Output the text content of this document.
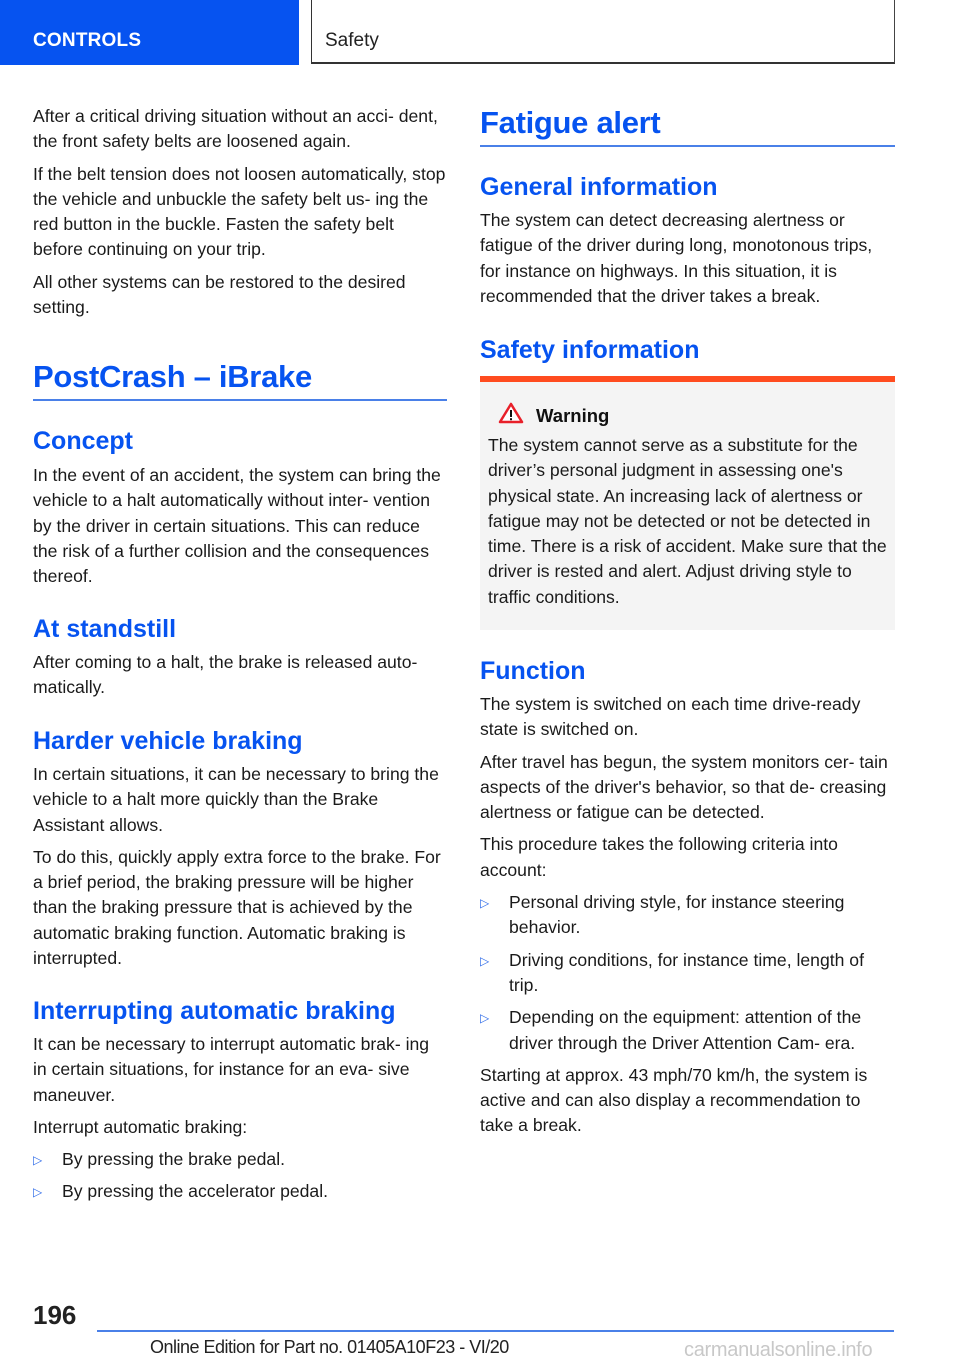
CONTROLS	Safety

After a critical driving situation without an acci- dent, the front safety belts are loosened again.

If the belt tension does not loosen automatically, stop the vehicle and unbuckle the safety belt us- ing the red button in the buckle. Fasten the safety belt before continuing on your trip.

All other systems can be restored to the desired setting.

PostCrash – iBrake
Concept

In the event of an accident, the system can bring the vehicle to a halt automatically without inter- vention by the driver in certain situations. This can reduce the risk of a further collision and the consequences thereof.

At standstill

After coming to a halt, the brake is released auto- matically.

Harder vehicle braking

In certain situations, it can be necessary to bring the vehicle to a halt more quickly than the Brake Assistant allows.

To do this, quickly apply extra force to the brake. For a brief period, the braking pressure will be higher than the braking pressure that is achieved by the automatic braking function. Automatic braking is interrupted.

Interrupting automatic braking

It can be necessary to interrupt automatic brak- ing in certain situations, for instance for an eva- sive maneuver.

Interrupt automatic braking:

▷ By pressing the brake pedal.
▷ By pressing the accelerator pedal.
Fatigue alert
General information

The system can detect decreasing alertness or fatigue of the driver during long, monotonous trips, for instance on highways. In this situation, it is recommended that the driver takes a break.

Safety information
Warning

The system cannot serve as a substitute for the driver’s personal judgment in assessing one's physical state. An increasing lack of alertness or fatigue may not be detected or not be detected in time. There is a risk of accident. Make sure that the driver is rested and alert. Adjust driving style to traffic conditions.

Function

The system is switched on each time drive-ready state is switched on.

After travel has begun, the system monitors cer- tain aspects of the driver's behavior, so that de- creasing alertness or fatigue can be detected.

This procedure takes the following criteria into account:

▷ Personal driving style, for instance steering behavior.
▷ Driving conditions, for instance time, length of trip.
▷ Depending on the equipment: attention of the driver through the Driver Attention Cam- era.

Starting at approx. 43 mph/70 km/h, the system is active and can also display a recommendation to take a break.

196
Online Edition for Part no. 01405A10F23 - VI/20	carmanualsonline.info
